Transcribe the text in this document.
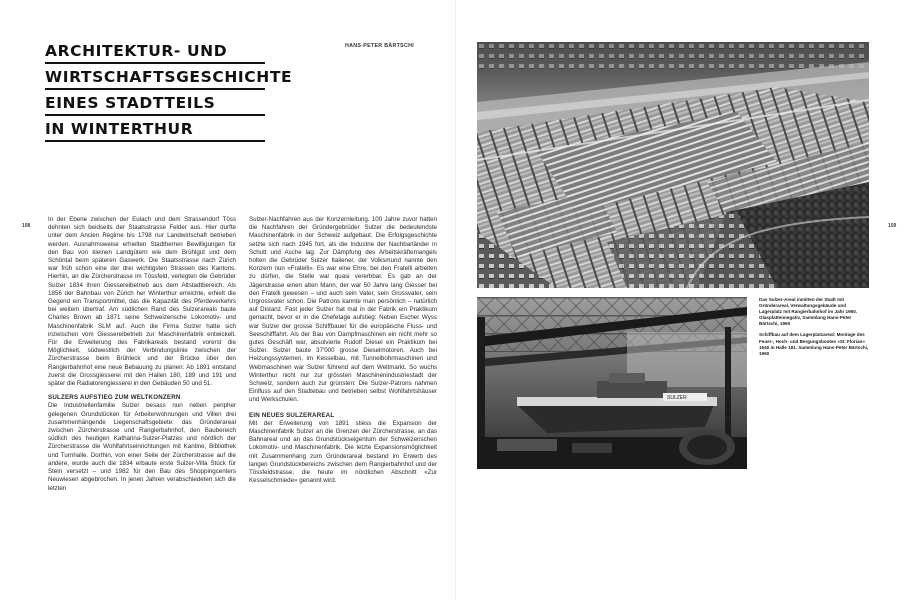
ARCHITEKTUR- UND
WIRTSCHAFTSGESCHICHTE
EINES STADTTEILS
IN WINTERTHUR
HANS-PETER BÄRTSCHI
108

In der Ebene zwischen der Eulach und dem Strassendorf Töss dehnten sich beidseits der Staatsstrasse Felder aus. Hier durfte unter dem Ancien Régime bis 1798 nur Landwirtschaft betrieben werden. Ausnahmsweise erhielten Stadtherren Bewilligungen für den Bau von kleinen Landgütern wie dem Brühlgut und dem Schöntal beim späteren Gaswerk. Die Staatsstrasse nach Zürich war früh schon eine der drei wichtigsten Strassen des Kantons. Hierhin, an die Zürcherstrasse im Tössfeld, verlegten die Gebrüder Sulzer 1834 ihren Giessereibetrieb aus dem Altstadtbereich. Als 1856 der Bahnbau von Zürich her Winterthur erreichte, erhielt die Gegend ein Transportmittel, das die Kapazität des Pferdeverkehrs bei weitem übertraf. Am südlichen Rand des Sulzerareals baute Charles Brown ab 1871 seine Schweizerische Lokomotiv- und Maschinenfabrik SLM auf. Auch die Firma Sulzer hatte sich inzwischen vom Giessereibetrieb zur Maschinenfabrik entwickelt. Für die Erweiterung des Fabrikareals bestand vorerst die Möglichkeit, südwestlich der Verbindungslinie zwischen der Zürcherstrasse beim Brühleck und der Brücke über den Rangierbahnhof eine neue Bebauung zu planen: Ab 1891 entstand zuerst die Grossgiesserei mit den Hallen 180, 189 und 191 und später die Radiatorengiesserei in den Gebäuden 50 und 51.

SULZERS AUFSTIEG ZUM WELTKONZERN

Die Industriellenfamilie Sulzer besass nun neben peripher gelegenen Grundstücken für Arbeiterwohnungen und Villen drei zusammenhängende Liegenschaftsgebiete: das Gründerareal zwischen Zürcherstrasse und Rangierbahnhof, den Baubereich südlich des heutigen Katharina-Sulzer-Platzes und nördlich der Zürcherstrasse die Wohlfahrtseinrichtungen mit Kantine, Bibliothek und Turnhalle. Dorthin, von einer Seite der Zürcherstrasse auf die andere, wurde auch die 1834 erbaute erste Sulzer-Villa Stück für Stein versetzt – und 1982 für den Bau des Shoppingcenters Neuwiesen abgebrochen. In jenen Jahren verabschiedeten sich die letzten

Sulzer-Nachfahren aus der Konzernleitung. 100 Jahre zuvor hatten die Nachfahren der Gründergebrüder Sulzer die bedeutendste Maschinenfabrik in der Schweiz aufgebaut. Die Erfolgsgeschichte setzte sich nach 1945 fort, als die Industrie der Nachbarländer in Schutt und Asche lag. Zur Dämpfung des Arbeitskräftemangels holten die Gebrüder Sulzer Italiener, der Volksmund nannte den Konzern nun «Fratelli». Es war eine Ehre, bei den Fratelli arbeiten zu dürfen, die Stelle war quasi vererbbar. Es gab an der Jägerstrasse einen alten Mann, der war 50 Jahre lang Giesser bei den Fratelli gewesen – und auch sein Vater, sein Grossvater, sein Urgrossvater schon. Die Patrons kannte man persönlich – natürlich auf Distanz. Fast jeder Sulzer hat mal in der Fabrik ein Praktikum gemacht, bevor er in die Chefetage aufstieg: Neben Escher Wyss war Sulzer der grosse Schiffbauer für die europäische Fluss- und Seeschifffahrt. Als der Bau von Dampfmaschinen ein nicht mehr so gutes Geschäft war, absolvierte Rudolf Diesel ein Praktikum bei Sulzer. Sulzer baute 37'000 grosse Dieselmotoren. Auch bei Heizungssystemen, im Kesselbau, mit Tunnelbohrmaschinen und Webmaschinen war Sulzer führend auf dem Weltmarkt. So wuchs Winterthur nicht nur zur grössten Maschinenindustriestadt der Schweiz, sondern auch zur grünsten: Die Sulzer-Patrons nahmen Einfluss auf den Stadtebau und betrieben selbst Wohlfahrtshäuser und Werkschulen.

EIN NEUES SULZERAREAL

Mit der Erweiterung von 1891 stiess die Expansion der Maschinenfabrik Sulzer an die Grenzen der Zürcherstrasse, an das Bahnareal und an das Grundstückseigentum der Schweizerischen Lokomotiv- und Maschinenfabrik. Die letzte Expansionsmöglichkeit mit Zusammenhang zum Gründerareal bestand im Erwerb des langen Grundstückbereichs zwischen dem Rangierbahnhof und der Tössfeldstrasse, die heute im nördlichen Abschnitt «Zur Kesselschmiede» genannt wird.

109
SULZER

Das Sulzer-Areal inmitten der Stadt mit Gründerareal, Verwaltungsgebäude und Lagerplatz mit Rangierbahnhof im Jahr 1960. Glasplattennegativ, Sammlung Hans-Peter Bärtschi, 1960

Schiffbau auf dem Lagerplatzareal: Montage des Feuer-, Hoch- und Bergungsbootes «St. Florian» 1940 in Halle 181. Sammlung Hans-Peter Bärtschi, 1960
